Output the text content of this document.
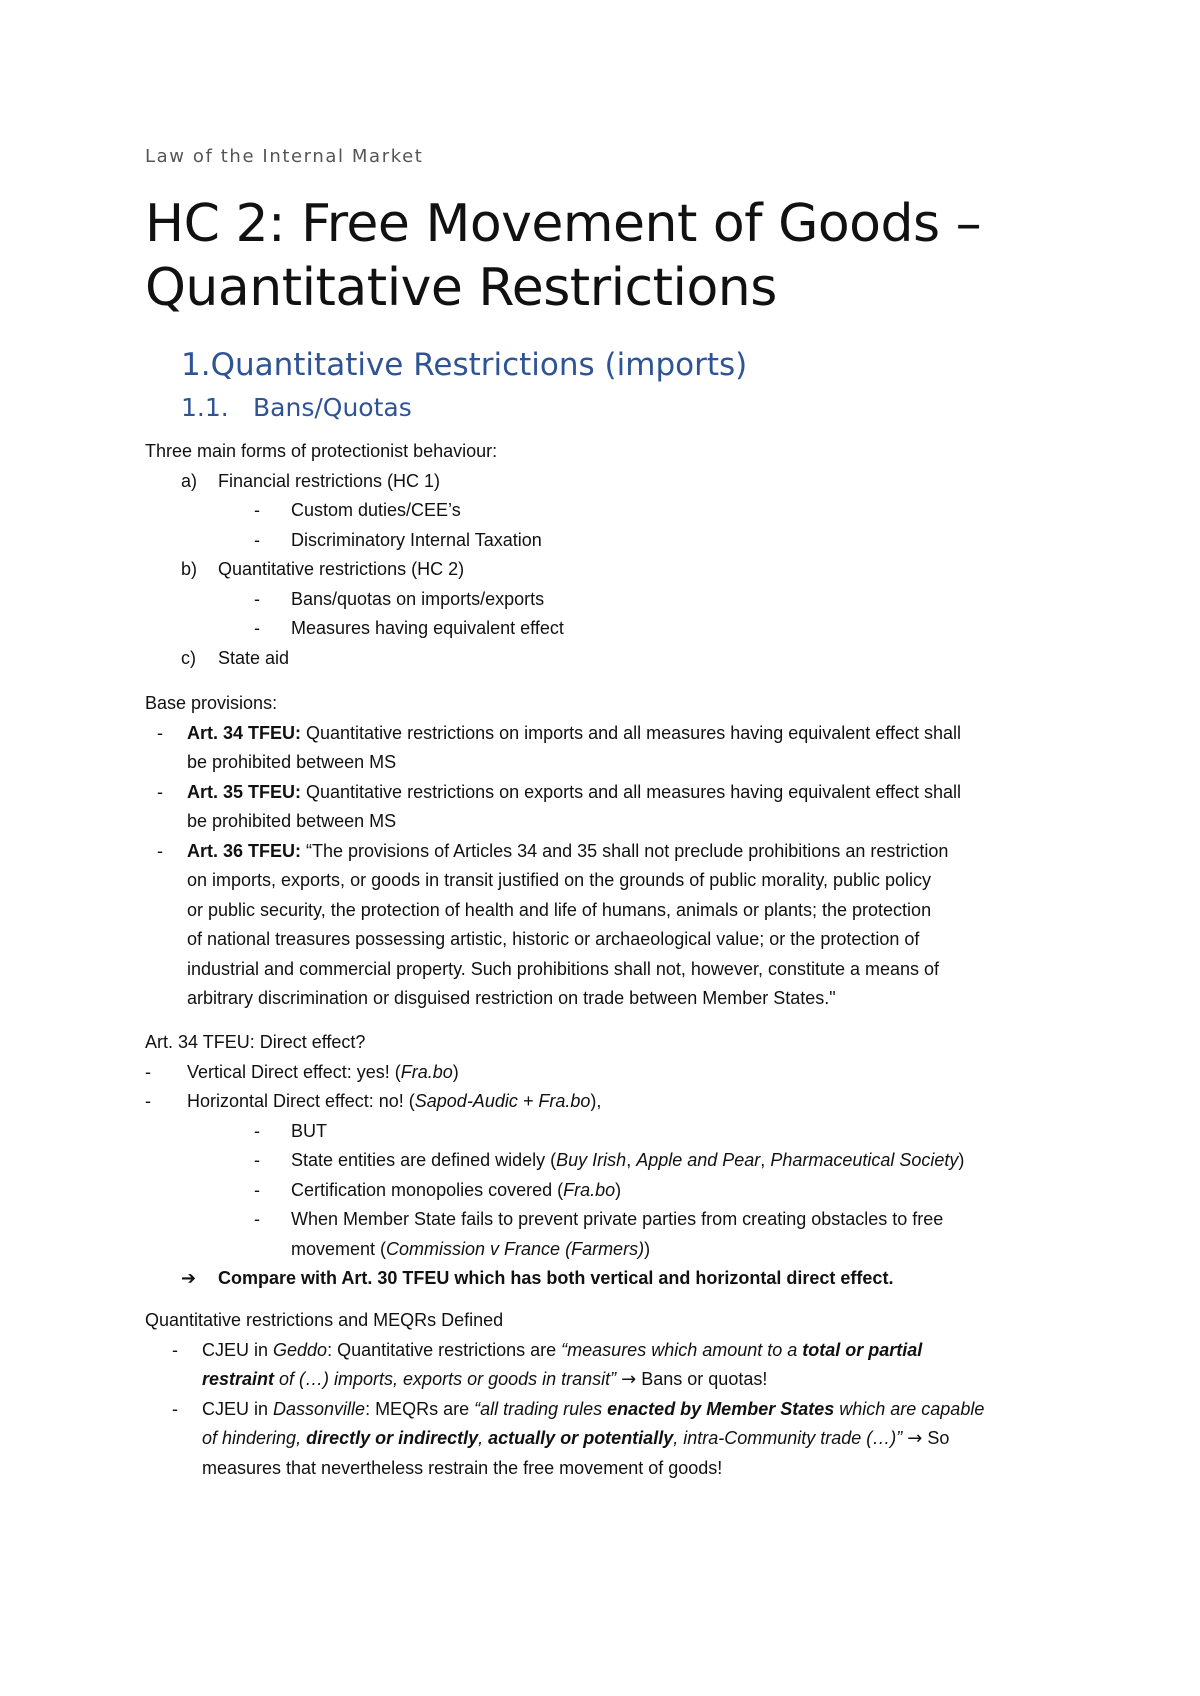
Law of the Internal Market
HC 2: Free Movement of Goods –
Quantitative Restrictions
1.Quantitative Restrictions (imports)
1.1. Bans/Quotas
Three main forms of protectionist behaviour:
a) Financial restrictions (HC 1)
- Custom duties/CEE’s
- Discriminatory Internal Taxation
b) Quantitative restrictions (HC 2)
- Bans/quotas on imports/exports
- Measures having equivalent effect
c) State aid
Base provisions:
- Art. 34 TFEU: Quantitative restrictions on imports and all measures having equivalent effect shall
be prohibited between MS
- Art. 35 TFEU: Quantitative restrictions on exports and all measures having equivalent effect shall
be prohibited between MS
- Art. 36 TFEU: “The provisions of Articles 34 and 35 shall not preclude prohibitions an restriction
on imports, exports, or goods in transit justified on the grounds of public morality, public policy
or public security, the protection of health and life of humans, animals or plants; the protection
of national treasures possessing artistic, historic or archaeological value; or the protection of
industrial and commercial property. Such prohibitions shall not, however, constitute a means of
arbitrary discrimination or disguised restriction on trade between Member States."
Art. 34 TFEU: Direct effect?
- Vertical Direct effect: yes! (Fra.bo)
- Horizontal Direct effect: no! (Sapod-Audic + Fra.bo),
- BUT
- State entities are defined widely (Buy Irish, Apple and Pear, Pharmaceutical Society)
- Certification monopolies covered (Fra.bo)
- When Member State fails to prevent private parties from creating obstacles to free
movement (Commission v France (Farmers))
➔ Compare with Art. 30 TFEU which has both vertical and horizontal direct effect.
Quantitative restrictions and MEQRs Defined
- CJEU in Geddo: Quantitative restrictions are “measures which amount to a total or partial
restraint of (…) imports, exports or goods in transit” → Bans or quotas!
- CJEU in Dassonville: MEQRs are “all trading rules enacted by Member States which are capable
of hindering, directly or indirectly, actually or potentially, intra-Community trade (…)” → So
measures that nevertheless restrain the free movement of goods!
